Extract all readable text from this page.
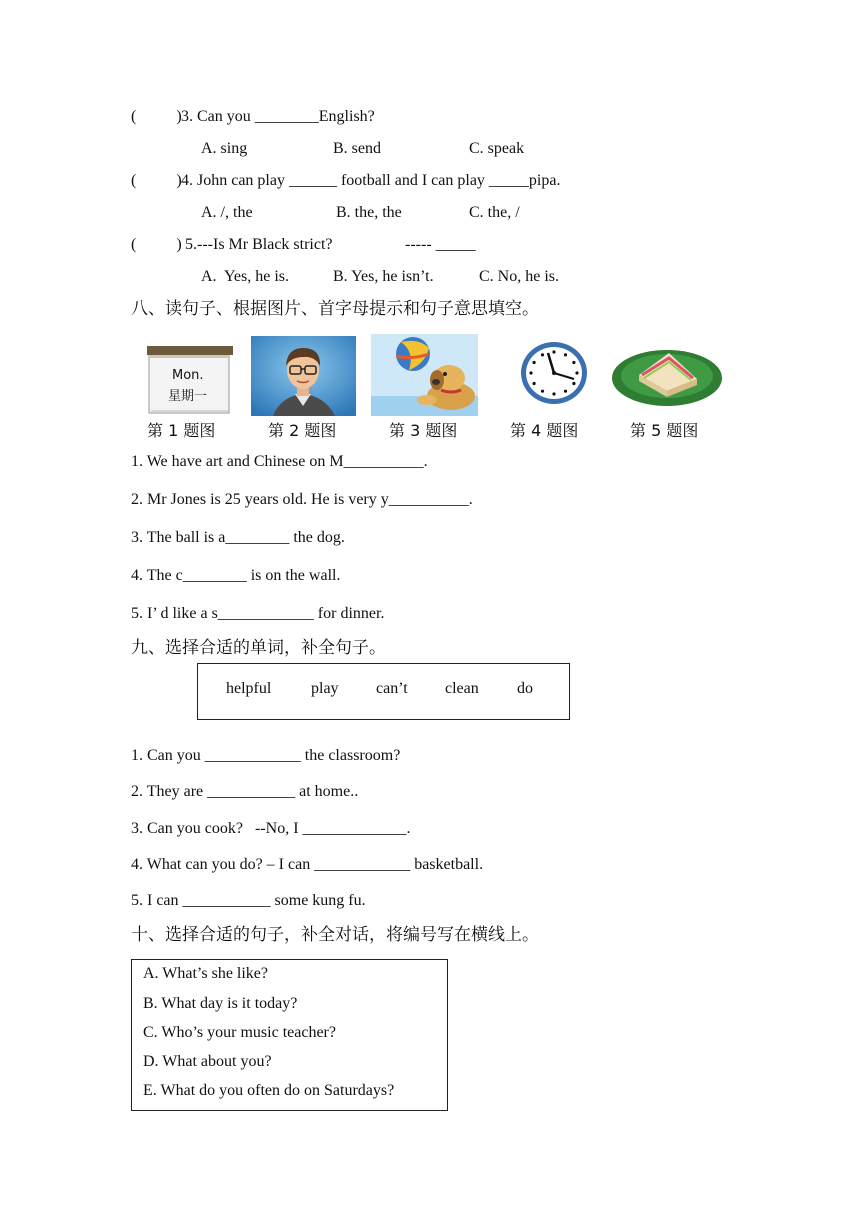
(          ) 3. Can you ________English?
A. sing	B. send	C. speak
(          ) 4. John can play ______ football and I can play _____pipa.
A. /, the	B. the, the	C. the, /
(          ) 5.---Is Mr Black strict?	----- _____
A.  Yes, he is.	B. Yes, he isn’t.	C. No, he is.
八、读句子、根据图片、首字母提示和句子意思填空。
Mon.
星期一
第 1 题图	第 2 题图	第 3 题图	第 4 题图	第 5 题图
1. We have art and Chinese on M__________.
2. Mr Jones is 25 years old. He is very y__________.
3. The ball is a________ the dog.
4. The c________ is on the wall.
5. I’ d like a s____________ for dinner.
九、选择合适的单词，补全句子。
helpful play can’t clean do
1. Can you ____________ the classroom?
2. They are ___________ at home..
3. Can you cook?   --No, I _____________.
4. What can you do? – I can ____________ basketball.
5. I can ___________ some kung fu.
十、选择合适的句子，补全对话，将编号写在横线上。
A. What’s she like?
B. What day is it today?
C. Who’s your music teacher?
D. What about you?
E. What do you often do on Saturdays?
